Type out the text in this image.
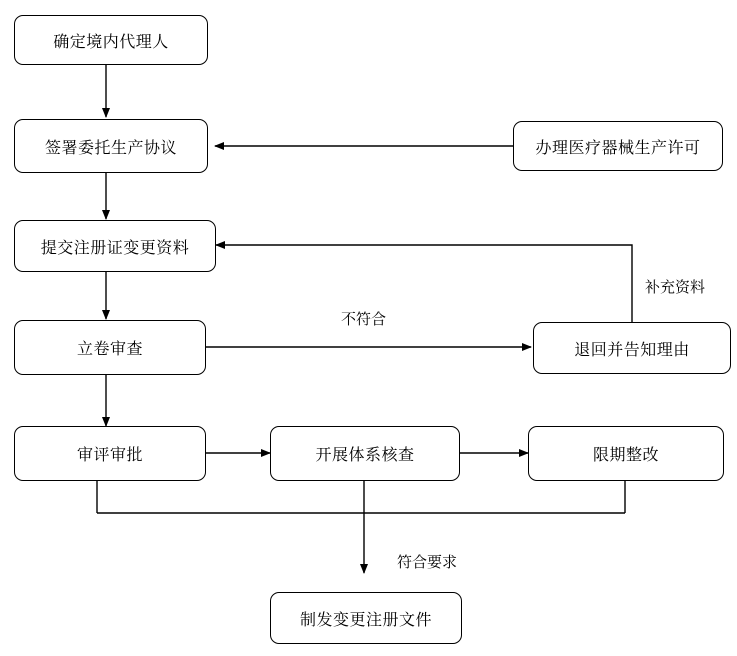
确定境内代理人
签署委托生产协议	办理医疗器械生产许可
提交注册证变更资料
立卷审查	退回并告知理由
审评审批	开展体系核查	限期整改
制发变更注册文件
不符合
补充资料
符合要求
